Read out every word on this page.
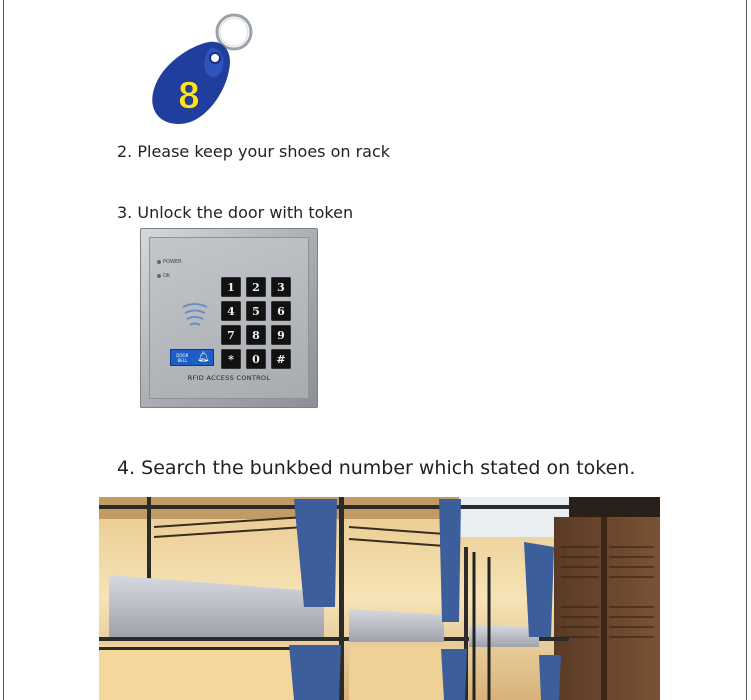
8
2. Please keep your shoes on rack
3. Unlock the door with token
POWER
OK
1	2	3
4	5	6
7	8	9
*	0	#
DOOR BELL 🔔︎
RFID ACCESS CONTROL
4. Search the bunkbed number which stated on token.
